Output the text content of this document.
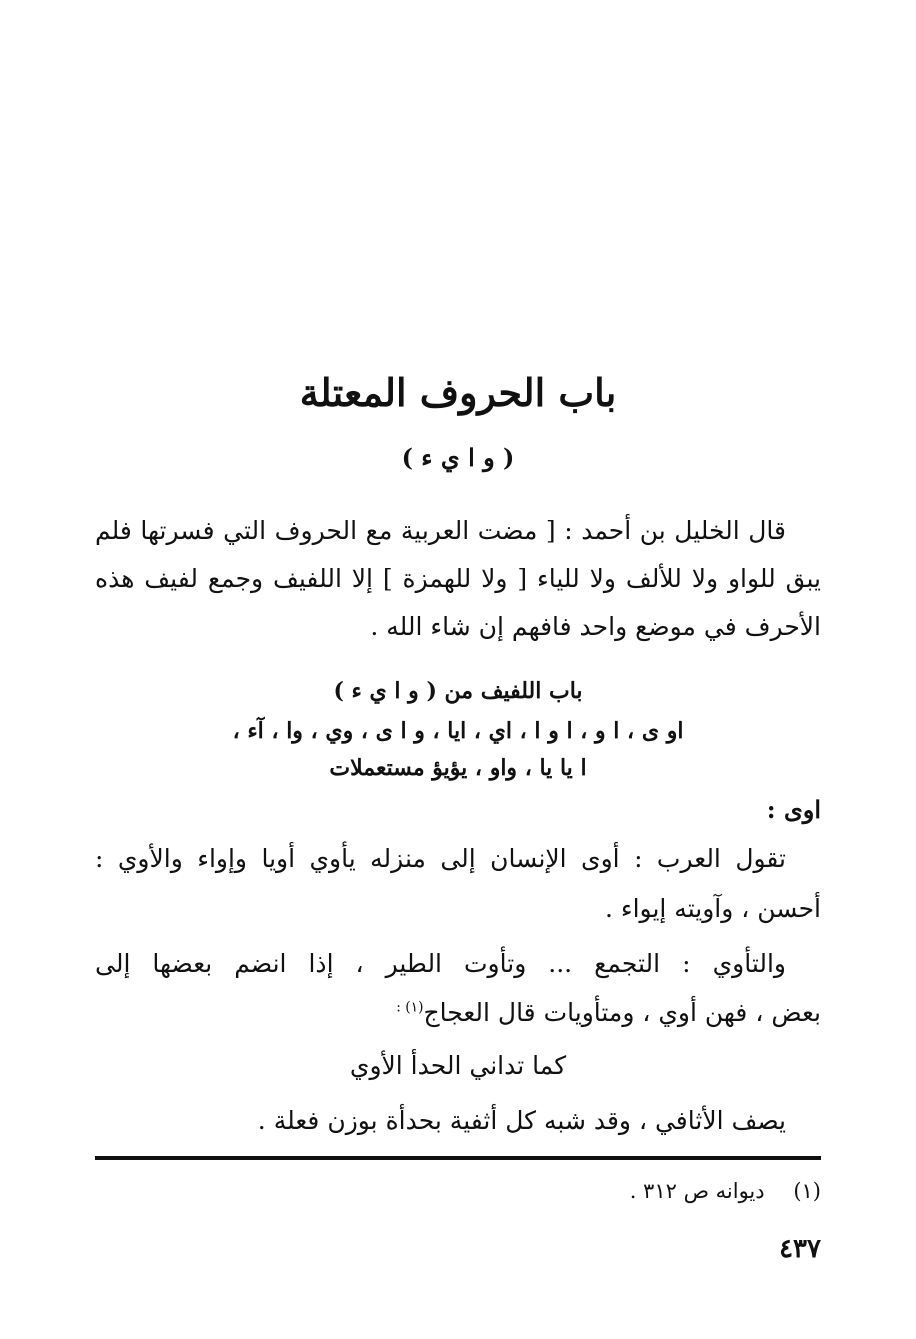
باب الحروف المعتلة
( و ا ي ء )
قال الخليل بن أحمد : [ مضت العربية مع الحروف التي فسرتها فلم
يبق للواو ولا للألف ولا للياء [ ولا للهمزة ] إلا اللفيف وجمع لفيف هذه
الأحرف في موضع واحد فافهم إن شاء الله .
باب اللفيف من ( و ا ي ء )
او ى ، ا و ، ا و ا ، اي ، ايا ، و ا ى ، وي ، وا ، آء ،
ا يا يا ، واو ، يؤيؤ مستعملات
اوى :
تقول العرب : أوى الإنسان إلى منزله يأوي أويا وإواء والأوي :
أحسن ، وآويته إيواء .
والتأوي : التجمع ... وتأوت الطير ، إذا انضم بعضها إلى
بعض ، فهن أوي ، ومتأويات قال العجاج$^{(١) :}$
كما تداني الحدأ الأوي
يصف الأثافي ، وقد شبه كل أثفية بحدأة بوزن فعلة .
(١) ديوانه ص ٣١٢ .
٤٣٧
